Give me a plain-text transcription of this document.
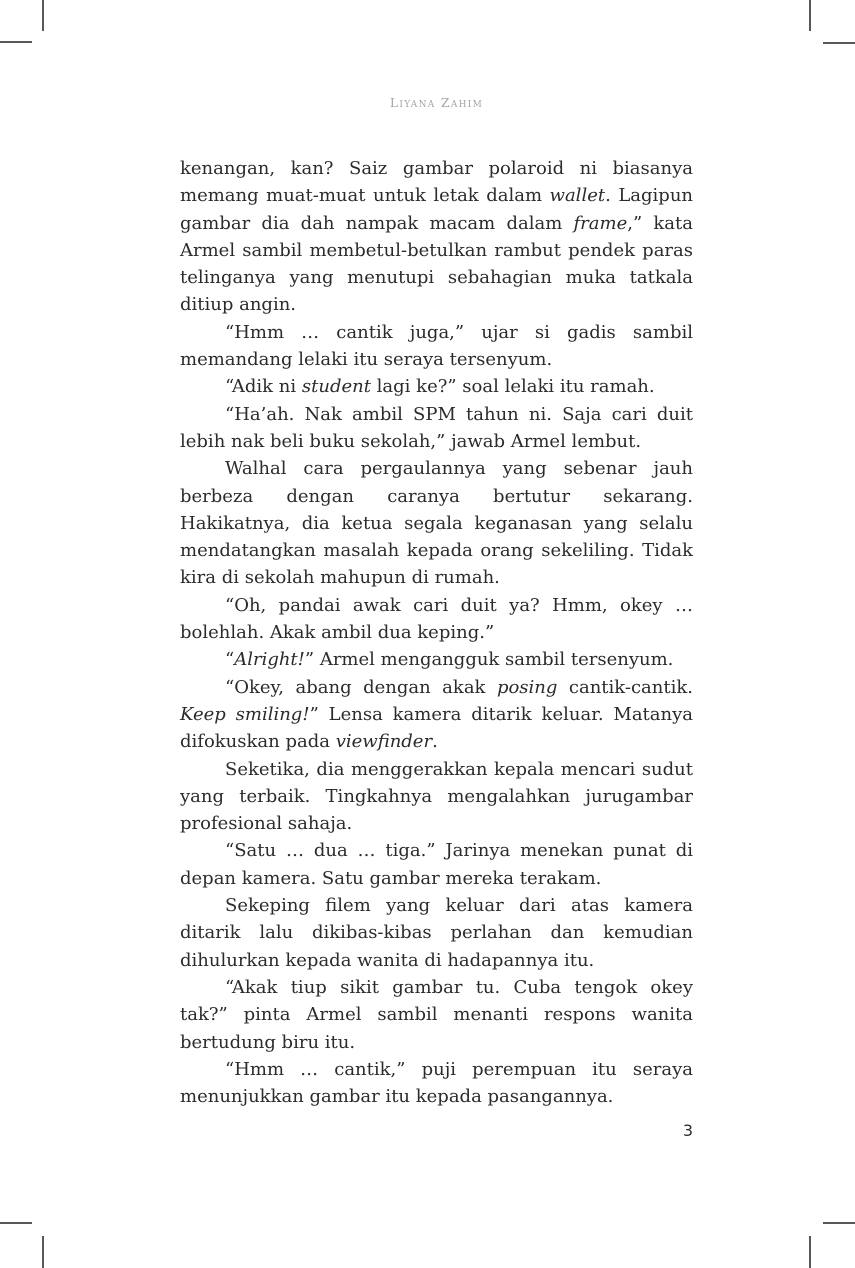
Liyana Zahim

kenangan, kan? Saiz gambar polaroid ni biasanya memang muat-muat untuk letak dalam wallet. Lagipun gambar dia dah nampak macam dalam frame,” kata Armel sambil membetul-betulkan rambut pendek paras telinganya yang menutupi sebahagian muka tatkala ditiup angin.

“Hmm … cantik juga,” ujar si gadis sambil memandang lelaki itu seraya tersenyum.

“Adik ni student lagi ke?” soal lelaki itu ramah.

“Ha’ah. Nak ambil SPM tahun ni. Saja cari duit lebih nak beli buku sekolah,” jawab Armel lembut.

Walhal cara pergaulannya yang sebenar jauh berbeza dengan caranya bertutur sekarang. Hakikatnya, dia ketua segala keganasan yang selalu mendatangkan masalah kepada orang sekeliling. Tidak kira di sekolah mahupun di rumah.

“Oh, pandai awak cari duit ya? Hmm, okey … bolehlah. Akak ambil dua keping.”

“Alright!” Armel mengangguk sambil tersenyum.

“Okey, abang dengan akak posing cantik-cantik. Keep smiling!” Lensa kamera ditarik keluar. Matanya difokuskan pada viewfinder.

Seketika, dia menggerakkan kepala mencari sudut yang terbaik. Tingkahnya mengalahkan jurugambar profesional sahaja.

“Satu … dua … tiga.” Jarinya menekan punat di depan kamera. Satu gambar mereka terakam.

Sekeping filem yang keluar dari atas kamera ditarik lalu dikibas-kibas perlahan dan kemudian dihulurkan kepada wanita di hadapannya itu.

“Akak tiup sikit gambar tu. Cuba tengok okey tak?” pinta Armel sambil menanti respons wanita bertudung biru itu.

“Hmm … cantik,” puji perempuan itu seraya menunjukkan gambar itu kepada pasangannya.

3
